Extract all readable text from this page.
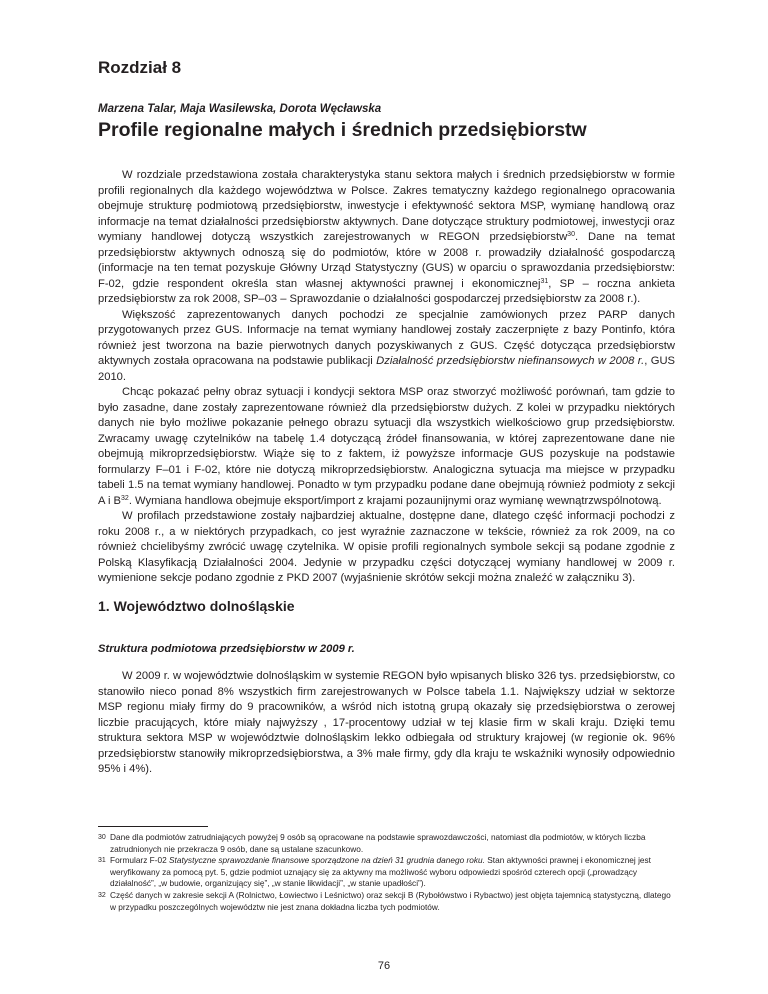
Rozdział 8

Marzena Talar, Maja Wasilewska, Dorota Węcławska

Profile regionalne małych i średnich przedsiębiorstw

W rozdziale przedstawiona została charakterystyka stanu sektora małych i średnich przedsiębiorstw w formie profili regionalnych dla każdego województwa w Polsce. Zakres tematyczny każdego regionalnego opracowania obejmuje strukturę podmiotową przedsiębiorstw, inwestycje i efektywność sektora MSP, wymianę handlową oraz informacje na temat działalności przedsiębiorstw aktywnych. Dane dotyczące struktury podmiotowej, inwestycji oraz wymiany handlowej dotyczą wszystkich zarejestrowanych w REGON przedsiębiorstw$^{30}$. Dane na temat przedsiębiorstw aktywnych odnoszą się do podmiotów, które w 2008 r. prowadziły działalność gospodarczą (informacje na ten temat pozyskuje Główny Urząd Statystyczny (GUS) w oparciu o sprawozdania przedsiębiorstw: F-02, gdzie respondent określa stan własnej aktywności prawnej i ekonomicznej$^{31}$, SP – roczna ankieta przedsiębiorstw za rok 2008, SP–03 – Sprawozdanie o działalności gospodarczej przedsiębiorstw za 2008 r.).

Większość zaprezentowanych danych pochodzi ze specjalnie zamówionych przez PARP danych przygotowanych przez GUS. Informacje na temat wymiany handlowej zostały zaczerpnięte z bazy Pontinfo, która również jest tworzona na bazie pierwotnych danych pozyskiwanych z GUS. Część dotycząca przedsiębiorstw aktywnych została opracowana na podstawie publikacji Działalność przedsiębiorstw niefinansowych w 2008 r., GUS 2010.

Chcąc pokazać pełny obraz sytuacji i kondycji sektora MSP oraz stworzyć możliwość porównań, tam gdzie to było zasadne, dane zostały zaprezentowane również dla przedsiębiorstw dużych. Z kolei w przypadku niektórych danych nie było możliwe pokazanie pełnego obrazu sytuacji dla wszystkich wielkościowo grup przedsiębiorstw. Zwracamy uwagę czytelników na tabelę 1.4 dotyczącą źródeł finansowania, w której zaprezentowane dane nie obejmują mikroprzedsiębiorstw. Wiąże się to z faktem, iż powyższe informacje GUS pozyskuje na podstawie formularzy F–01 i F-02, które nie dotyczą mikroprzedsiębiorstw. Analogiczna sytuacja ma miejsce w przypadku tabeli 1.5 na temat wymiany handlowej. Ponadto w tym przypadku podane dane obejmują również podmioty z sekcji A i $B^{32}$. Wymiana handlowa obejmuje eksport/import z krajami pozaunijnymi oraz wymianę wewnątrzwspólnotową.

W profilach przedstawione zostały najbardziej aktualne, dostępne dane, dlatego część informacji pochodzi z roku 2008 r., a w niektórych przypadkach, co jest wyraźnie zaznaczone w tekście, również za rok 2009, na co również chcielibyśmy zwrócić uwagę czytelnika. W opisie profili regionalnych symbole sekcji są podane zgodnie z Polską Klasyfikacją Działalności 2004. Jedynie w przypadku części dotyczącej wymiany handlowej w 2009 r. wymienione sekcje podano zgodnie z PKD 2007 (wyjaśnienie skrótów sekcji można znaleźć w załączniku 3).

1. Województwo dolnośląskie
Struktura podmiotowa przedsiębiorstw w 2009 r.

W 2009 r. w województwie dolnośląskim w systemie REGON było wpisanych blisko 326 tys. przedsiębiorstw, co stanowiło nieco ponad 8% wszystkich firm zarejestrowanych w Polsce tabela 1.1. Największy udział w sektorze MSP regionu miały firmy do 9 pracowników, a wśród nich istotną grupą okazały się przedsiębiorstwa o zerowej liczbie pracujących, które miały najwyższy , 17-procentowy udział w tej klasie firm w skali kraju. Dzięki temu struktura sektora MSP w województwie dolnośląskim lekko odbiegała od struktury krajowej (w regionie ok. 96% przedsiębiorstw stanowiły mikroprzedsiębiorstwa, a 3% małe firmy, gdy dla kraju te wskaźniki wynosiły odpowiednio 95% i 4%).

30 Dane dla podmiotów zatrudniających powyżej 9 osób są opracowane na podstawie sprawozdawczości, natomiast dla podmiotów, w których liczba zatrudnionych nie przekracza 9 osób, dane są ustalane szacunkowo.
31 Formularz F-02 Statystyczne sprawozdanie finansowe sporządzone na dzień 31 grudnia danego roku. Stan aktywności prawnej i ekonomicznej jest weryfikowany za pomocą pyt. 5, gdzie podmiot uznający się za aktywny ma możliwość wyboru odpowiedzi spośród czterech opcji („prowadzący działalność”, „w budowie, organizujący się”, „w stanie likwidacji”, „w stanie upadłości”).
32 Część danych w zakresie sekcji A (Rolnictwo, Łowiectwo i Leśnictwo) oraz sekcji B (Rybołówstwo i Rybactwo) jest objęta tajemnicą statystyczną, dlatego w przypadku poszczególnych województw nie jest znana dokładna liczba tych podmiotów.

76
